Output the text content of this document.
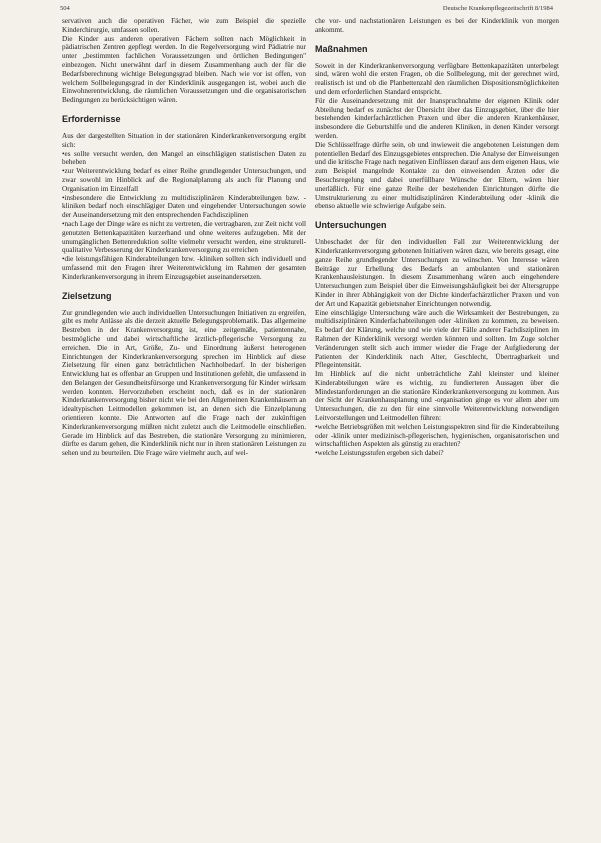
504	Deutsche Krankenpflegezeitschrift 8/1984

servativen auch die operativen Fächer, wie zum Beispiel die spezielle Kinderchirurgie, umfassen sollen.

Die Kinder aus anderen operativen Fächern sollten nach Möglichkeit in pädiatrischen Zentren gepflegt werden. In die Regelversorgung wird Pädiatrie nur unter „bestimmten fachlichen Voraussetzungen und örtlichen Bedingungen" einbezogen. Nicht unerwähnt darf in diesem Zusammenhang auch der für die Bedarfsberechnung wichtige Belegungsgrad bleiben. Nach wie vor ist offen, von welchem Sollbelegungsgrad in der Kinderklinik ausgegangen ist, wobei auch die Einwohnerentwicklung, die räumlichen Voraussetzungen und die organisatorischen Bedingungen zu berücksichtigen wären.

Erfordernisse

Aus der dargestellten Situation in der stationären Kinderkrankenversorgung ergibt sich:

• es sollte versucht werden, den Mangel an einschlägigen statistischen Daten zu beheben
• zur Weiterentwicklung bedarf es einer Reihe grundlegender Untersuchungen, und zwar sowohl im Hinblick auf die Regionalplanung als auch für Planung und Organisation im Einzelfall
• insbesondere die Entwicklung zu multidisziplinären Kinderabteilungen bzw. -kliniken bedarf noch einschlägiger Daten und eingehender Untersuchungen sowie der Auseinandersetzung mit den entsprechenden Fachdisziplinen
• nach Lage der Dinge wäre es nicht zu vertreten, die vertragbaren, zur Zeit nicht voll genutzten Bettenkapazitäten kurzerhand und ohne weiteres aufzugeben. Mit der unumgänglichen Bettenreduktion sollte vielmehr versucht werden, eine strukturell-qualitative Verbesserung der Kinderkrankenversorgung zu erreichen
• die leistungsfähigen Kinderabteilungen bzw. -kliniken sollten sich individuell und umfassend mit den Fragen ihrer Weiterentwicklung im Rahmen der gesamten Kinderkrankenversorgung in ihrem Einzugsgebiet auseinandersetzen.
Zielsetzung

Zur grundlegenden wie auch individuellen Untersuchungen Initiativen zu ergreifen, gibt es mehr Anlässe als die derzeit aktuelle Belegungsproblematik. Das allgemeine Bestreben in der Krankenversorgung ist, eine zeitgemäße, patientennahe, bestmögliche und dabei wirtschaftliche ärztlich-pflegerische Versorgung zu erreichen. Die in Art, Größe, Zu- und Einordnung äußerst heterogenen Einrichtungen der Kinderkrankenversorgung sprechen im Hinblick auf diese Zielsetzung für einen ganz beträchtlichen Nachholbedarf. In der bisherigen Entwicklung hat es offenbar an Gruppen und Institutionen gefehlt, die umfassend in den Belangen der Gesundheitsfürsorge und Krankenversorgung für Kinder wirksam werden konnten. Hervorzuheben erscheint noch, daß es in der stationären Kinderkrankenversorgung bisher nicht wie bei den Allgemeinen Krankenhäusern an idealtypischen Leitmodellen gekommen ist, an denen sich die Einzelplanung orientieren konnte. Die Antworten auf die Frage nach der zukünftigen Kinderkrankenversorgung müßten nicht zuletzt auch die Leitmodelle einschließen. Gerade im Hinblick auf das Bestreben, die stationäre Versorgung zu minimieren, dürfte es darum gehen, die Kinderklinik nicht nur in ihren stationären Leistungen zu sehen und zu beurteilen. Die Frage wäre vielmehr auch, auf wel-

che vor- und nachstationären Leistungen es bei der Kinderklinik von morgen ankommt.

Maßnahmen

Soweit in der Kinderkrankenversorgung verfügbare Bettenkapazitäten unterbelegt sind, wären wohl die ersten Fragen, ob die Sollbelegung, mit der gerechnet wird, realistisch ist und ob die Planbettenzahl den räumlichen Dispositionsmöglichkeiten und dem erforderlichen Standard entspricht.

Für die Auseinandersetzung mit der Inanspruchnahme der eigenen Klinik oder Abteilung bedarf es zunächst der Übersicht über das Einzugsgebiet, über die hier bestehenden kinderfachärztlichen Praxen und über die anderen Krankenhäuser, insbesondere die Geburtshilfe und die anderen Kliniken, in denen Kinder versorgt werden.

Die Schlüsselfrage dürfte sein, ob und inwieweit die angebotenen Leistungen dem potentiellen Bedarf des Einzugsgebietes entsprechen. Die Analyse der Einweisungen und die kritische Frage nach negativen Einflüssen darauf aus dem eigenen Haus, wie zum Beispiel mangelnde Kontakte zu den einweisenden Ärzten oder die Besuchsregelung und dabei unerfüllbare Wünsche der Eltern, wären hier unerläßlich. Für eine ganze Reihe der bestehenden Einrichtungen dürfte die Umstrukturierung zu einer multidisziplinären Kinderabteilung oder -klinik die ebenso aktuelle wie schwierige Aufgabe sein.

Untersuchungen

Unbeschadet der für den individuellen Fall zur Weiterentwicklung der Kinderkrankenversorgung gebotenen Initiativen wären dazu, wie bereits gesagt, eine ganze Reihe grundlegender Untersuchungen zu wünschen. Von Interesse wären Beiträge zur Erhellung des Bedarfs an ambulanten und stationären Krankenhausleistungen. In diesem Zusammenhang wären auch eingehendere Untersuchungen zum Beispiel über die Einweisungshäufigkeit bei der Altersgruppe Kinder in ihrer Abhängigkeit von der Dichte kinderfachärztlicher Praxen und von der Art und Kapazität gebietsnaher Einrichtungen notwendig.

Eine einschlägige Untersuchung wäre auch die Wirksamkeit der Bestrebungen, zu multidisziplinären Kinderfachabteilungen oder -kliniken zu kommen, zu beweisen. Es bedarf der Klärung, welche und wie viele der Fälle anderer Fachdisziplinen im Rahmen der Kinderklinik versorgt werden könnten und sollten. Im Zuge solcher Veränderungen stellt sich auch immer wieder die Frage der Aufgliederung der Patienten der Kinderklinik nach Alter, Geschlecht, Übertragbarkeit und Pflegeintensität.

Im Hinblick auf die nicht unbeträchtliche Zahl kleinster und kleiner Kinderabteilungen wäre es wichtig, zu fundierteren Aussagen über die Mindestanforderungen an die stationäre Kinderkrankenversorgung zu kommen. Aus der Sicht der Krankenhausplanung und -organisation ginge es vor allem aber um Untersuchungen, die zu den für eine sinnvolle Weiterentwicklung notwendigen Leitvorstellungen und Leitmodellen führen:

• welche Betriebsgrößen mit welchen Leistungsspektren sind für die Kinderabteilung oder -klinik unter medizinisch-pflegerischen, hygienischen, organisatorischen und wirtschaftlichen Aspekten als günstig zu erachten?
• welche Leistungsstufen ergeben sich dabei?
